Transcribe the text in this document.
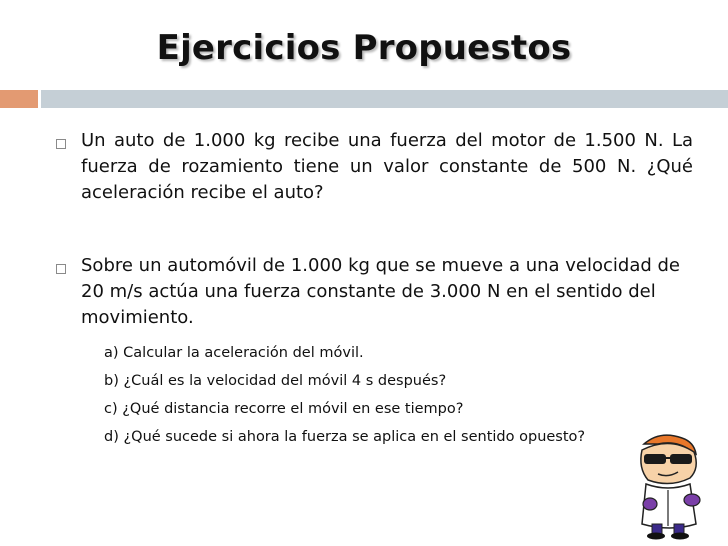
Ejercicios Propuestos

Un auto de 1.000 kg recibe una fuerza del motor de 1.500 N. La fuerza de rozamiento tiene un valor constante de 500 N. ¿Qué aceleración recibe el auto?

Sobre un automóvil de 1.000 kg que se mueve a una velocidad de 20 m/s actúa una fuerza constante de 3.000 N en el sentido del movimiento.

a) Calcular la aceleración del móvil.
b) ¿Cuál es la velocidad del móvil 4 s después?
c) ¿Qué distancia recorre el móvil en ese tiempo?
d) ¿Qué sucede si ahora la fuerza se aplica en el sentido opuesto?
